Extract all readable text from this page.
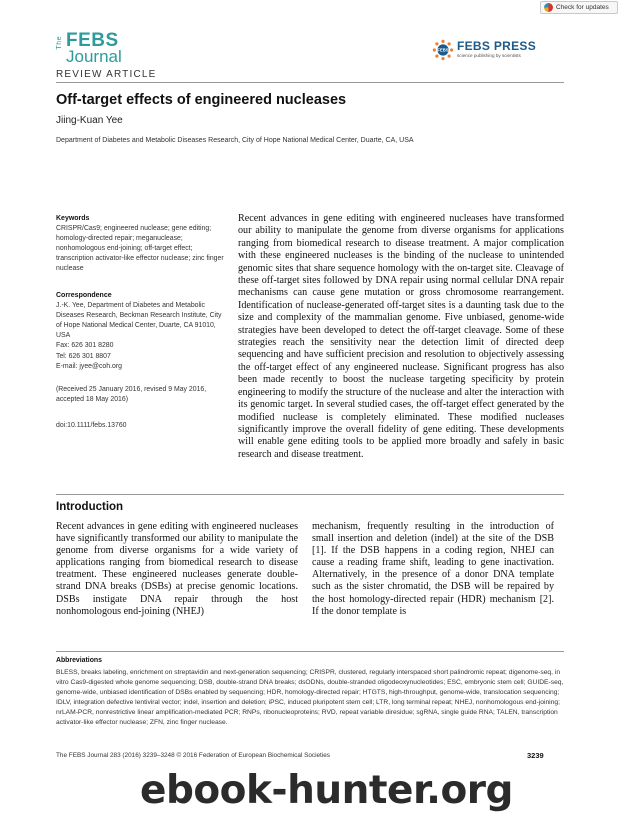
Check for updates
The FEBS
Journal	FEBS FEBS PRESS
science publishing by scientists
REVIEW ARTICLE
Off-target effects of engineered nucleases
Jiing-Kuan Yee
Department of Diabetes and Metabolic Diseases Research, City of Hope National Medical Center, Duarte, CA, USA
Keywords

CRISPR/Cas9; engineered nuclease; gene editing; homology-directed repair; meganuclease; nonhomologous end-joining; off-target effect; transcription activator-like effector nuclease; zinc finger nuclease

Correspondence

J.-K. Yee, Department of Diabetes and Metabolic Diseases Research, Beckman Research Institute, City of Hope National Medical Center, Duarte, CA 91010, USA

Fax: 626 301 8280

Tel: 626 301 8807

E-mail: jyee@coh.org

(Received 25 January 2016, revised 9 May 2016, accepted 18 May 2016)
doi:10.1111/febs.13760

Recent advances in gene editing with engineered nucleases have transformed our ability to manipulate the genome from diverse organisms for applications ranging from biomedical research to disease treatment. A major complication with these engineered nucleases is the binding of the nuclease to unintended genomic sites that share sequence homology with the on-target site. Cleavage of these off-target sites followed by DNA repair using normal cellular DNA repair mechanisms can cause gene mutation or gross chromosome rearrangement. Identification of nuclease-generated off-target sites is a daunting task due to the size and complexity of the mammalian genome. Five unbiased, genome-wide strategies have been developed to detect the off-target cleavage. Some of these strategies reach the sensitivity near the detection limit of directed deep sequencing and have sufficient precision and resolution to objectively assessing the off-target effect of any engineered nuclease. Significant progress has also been made recently to boost the nuclease targeting specificity by protein engineering to modify the structure of the nuclease and alter the interaction with its genomic target. In several studied cases, the off-target effect generated by the modified nuclease is completely eliminated. These modified nucleases significantly improve the overall fidelity of gene editing. These developments will enable gene editing tools to be applied more broadly and safely in basic research and disease treatment.

Introduction

Recent advances in gene editing with engineered nucleases have significantly transformed our ability to manipulate the genome from diverse organisms for a wide variety of applications ranging from biomedical research to disease treatment. These engineered nucleases generate double-strand DNA breaks (DSBs) at precise genomic locations. DSBs instigate DNA repair through the host nonhomologous end-joining (NHEJ)

mechanism, frequently resulting in the introduction of small insertion and deletion (indel) at the site of the DSB [1]. If the DSB happens in a coding region, NHEJ can cause a reading frame shift, leading to gene inactivation. Alternatively, in the presence of a donor DNA template such as the sister chromatid, the DSB will be repaired by the host homology-directed repair (HDR) mechanism [2]. If the donor template is

Abbreviations

BLESS, breaks labeling, enrichment on streptavidin and next-generation sequencing; CRISPR, clustered, regularly interspaced short palindromic repeat; digenome-seq, in vitro Cas9-digested whole genome sequencing; DSB, double-strand DNA breaks; dsODNs, double-stranded oligodeoxynucleotides; ESC, embryonic stem cell; GUIDE-seq, genome-wide, unbiased identification of DSBs enabled by sequencing; HDR, homology-directed repair; HTGTS, high-throughput, genome-wide, translocation sequencing; IDLV, integration defective lentiviral vector; indel, insertion and deletion; iPSC, induced pluripotent stem cell; LTR, long terminal repeat; NHEJ, nonhomologous end-joining; nrLAM-PCR, nonrestrictive linear amplification-mediated PCR; RNPs, ribonucleoproteins; RVD, repeat variable diresidue; sgRNA, single guide RNA; TALEN, transcription activator-like effector nuclease; ZFN, zinc finger nuclease.

The FEBS Journal 283 (2016) 3239–3248 © 2016 Federation of European Biochemical Societies	3239
ebook-hunter.org
